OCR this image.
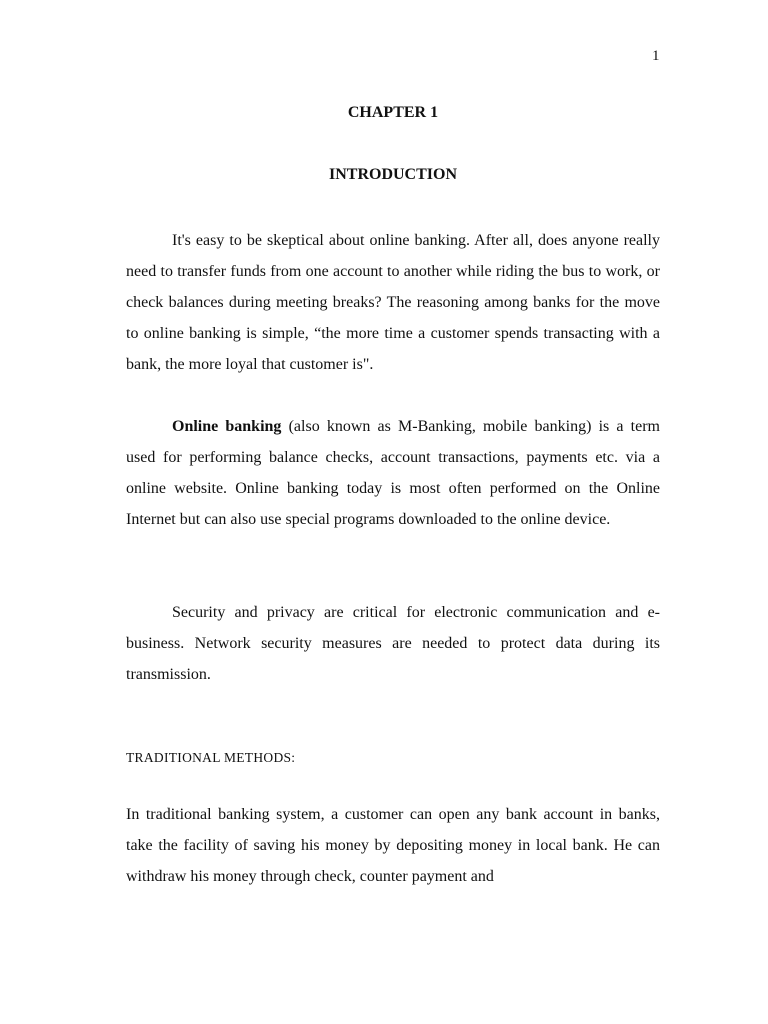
1
CHAPTER 1
INTRODUCTION

It's easy to be skeptical about online banking. After all, does anyone really need to transfer funds from one account to another while riding the bus to work, or check balances during meeting breaks? The reasoning among banks for the move to online banking is simple, “the more time a customer spends transacting with a bank, the more loyal that customer is".

Online banking (also known as M-Banking, mobile banking) is a term used for performing balance checks, account transactions, payments etc. via a online website. Online banking today is most often performed on the Online Internet but can also use special programs downloaded to the online device.

Security and privacy are critical for electronic communication and e-business. Network security measures are needed to protect data during its transmission.

TRADITIONAL METHODS:

In traditional banking system, a customer can open any bank account in banks, take the facility of saving his money by depositing money in local bank. He can withdraw his money through check, counter payment and
